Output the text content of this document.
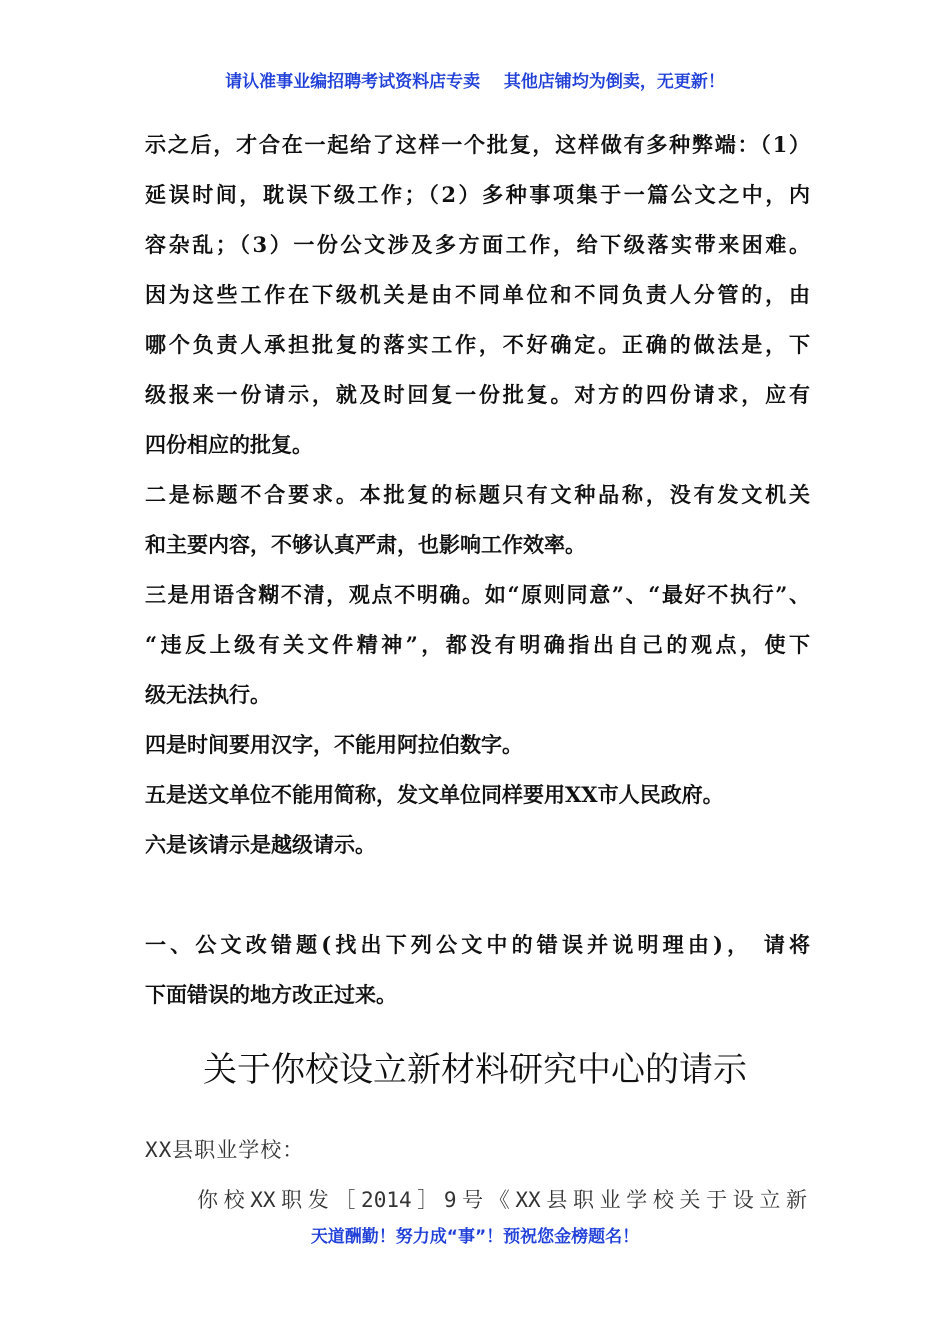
请认准事业编招聘考试资料店专卖    其他店铺均为倒卖，无更新！
示之后，才合在一起给了这样一个批复，这样做有多种弊端：（1）
延误时间，耽误下级工作；（2）多种事项集于一篇公文之中，内
容杂乱；（3）一份公文涉及多方面工作，给下级落实带来困难。
因为这些工作在下级机关是由不同单位和不同负责人分管的，由
哪个负责人承担批复的落实工作，不好确定。正确的做法是，下
级报来一份请示，就及时回复一份批复。对方的四份请求，应有
四份相应的批复。
二是标题不合要求。本批复的标题只有文种品称，没有发文机关
和主要内容，不够认真严肃，也影响工作效率。
三是用语含糊不清，观点不明确。如“原则同意”、“最好不执行”、
“违反上级有关文件精神”，都没有明确指出自己的观点，使下
级无法执行。
四是时间要用汉字，不能用阿拉伯数字。
五是送文单位不能用简称，发文单位同样要用XX市人民政府。
六是该请示是越级请示。
一、公文改错题(找出下列公文中的错误并说明理由)， 请将
下面错误的地方改正过来。
关于你校设立新材料研究中心的请示
XX县职业学校：
你校XX职发［2014］9号《XX县职业学校关于设立新
天道酬勤！努力成“事”！预祝您金榜题名！
